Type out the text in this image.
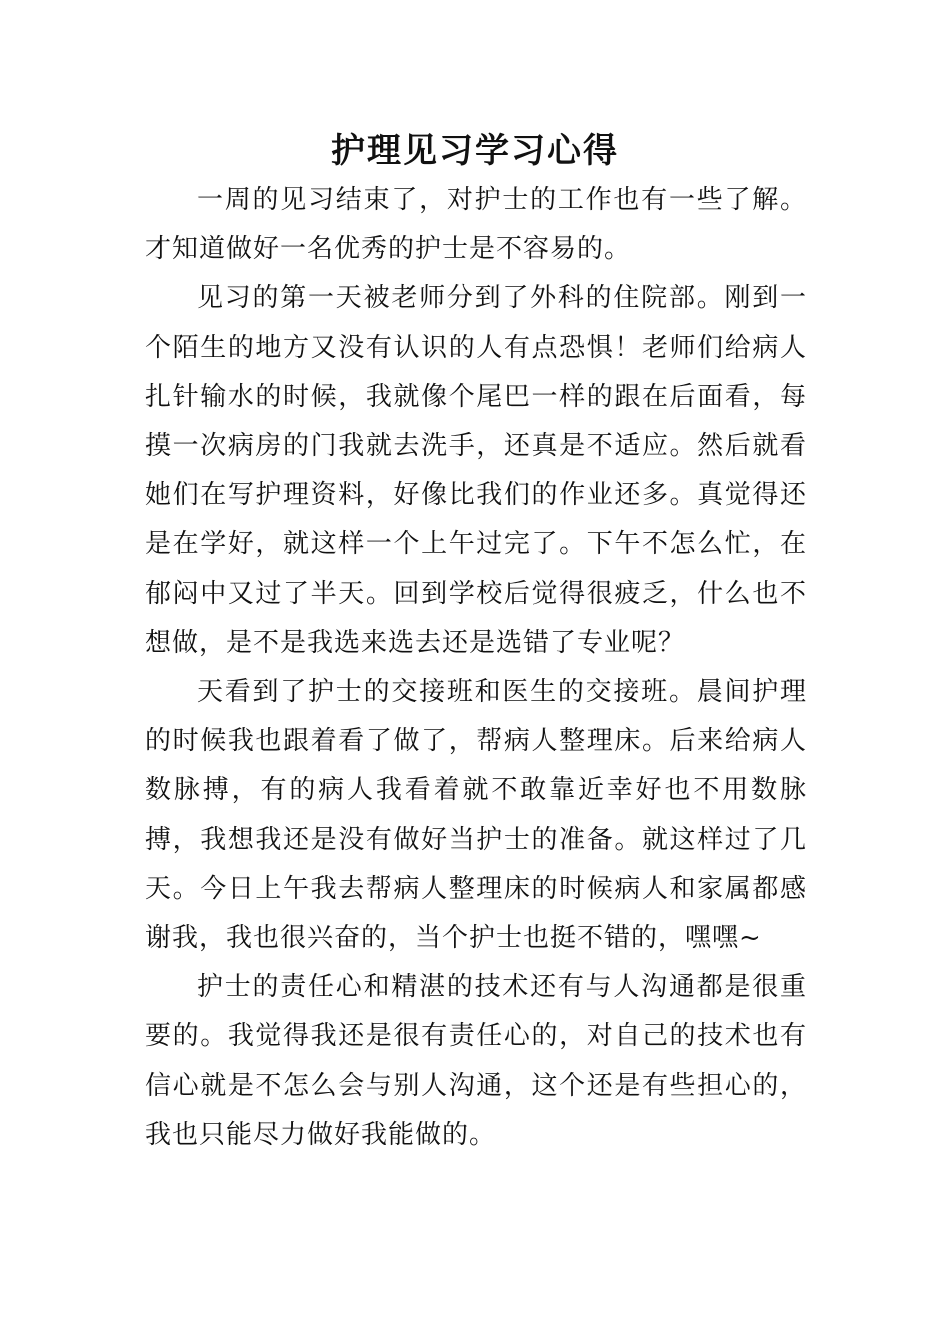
护理见习学习心得

一周的见习结束了，对护士的工作也有一些了解。才知道做好一名优秀的护士是不容易的。

见习的第一天被老师分到了外科的住院部。刚到一个陌生的地方又没有认识的人有点恐惧！老师们给病人扎针输水的时候，我就像个尾巴一样的跟在后面看，每摸一次病房的门我就去洗手，还真是不适应。然后就看她们在写护理资料，好像比我们的作业还多。真觉得还是在学好，就这样一个上午过完了。下午不怎么忙，在郁闷中又过了半天。回到学校后觉得很疲乏，什么也不想做，是不是我选来选去还是选错了专业呢？

天看到了护士的交接班和医生的交接班。晨间护理的时候我也跟着看了做了，帮病人整理床。后来给病人数脉搏，有的病人我看着就不敢靠近幸好也不用数脉搏，我想我还是没有做好当护士的准备。就这样过了几天。今日上午我去帮病人整理床的时候病人和家属都感谢我，我也很兴奋的，当个护士也挺不错的，嘿嘿~

护士的责任心和精湛的技术还有与人沟通都是很重要的。我觉得我还是很有责任心的，对自己的技术也有信心就是不怎么会与别人沟通，这个还是有些担心的，我也只能尽力做好我能做的。
